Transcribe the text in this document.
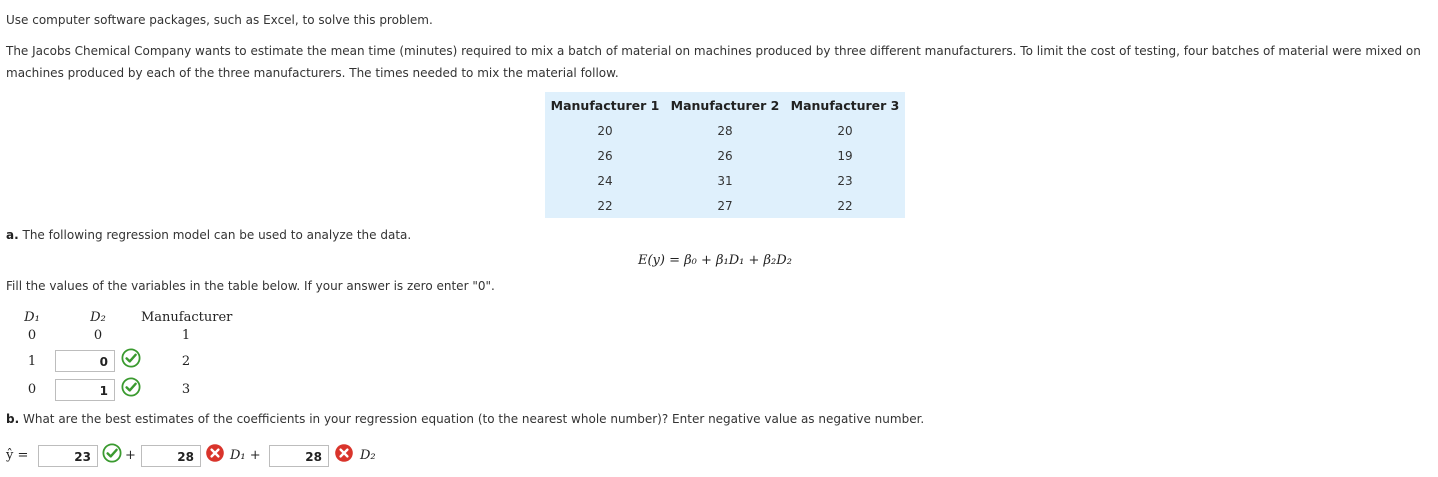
Use computer software packages, such as Excel, to solve this problem.
The Jacobs Chemical Company wants to estimate the mean time (minutes) required to mix a batch of material on machines produced by three different manufacturers. To limit the cost of testing, four batches of material were mixed on machines produced by each of the three manufacturers. The times needed to mix the material follow.
Manufacturer 1	Manufacturer 2	Manufacturer 3
20	28	20
26	26	19
24	31	23
22	27	22
a. The following regression model can be used to analyze the data.
E(y) = β₀ + β₁D₁ + β₂D₂
Fill the values of the variables in the table below. If your answer is zero enter "0".
D₁	D₂	Manufacturer
0	0	1
1	0	2
0	1	3
b. What are the best estimates of the coefficients in your regression equation (to the nearest whole number)? Enter negative value as negative number.
ŷ =	23	+	28	D₁ +	28	D₂
